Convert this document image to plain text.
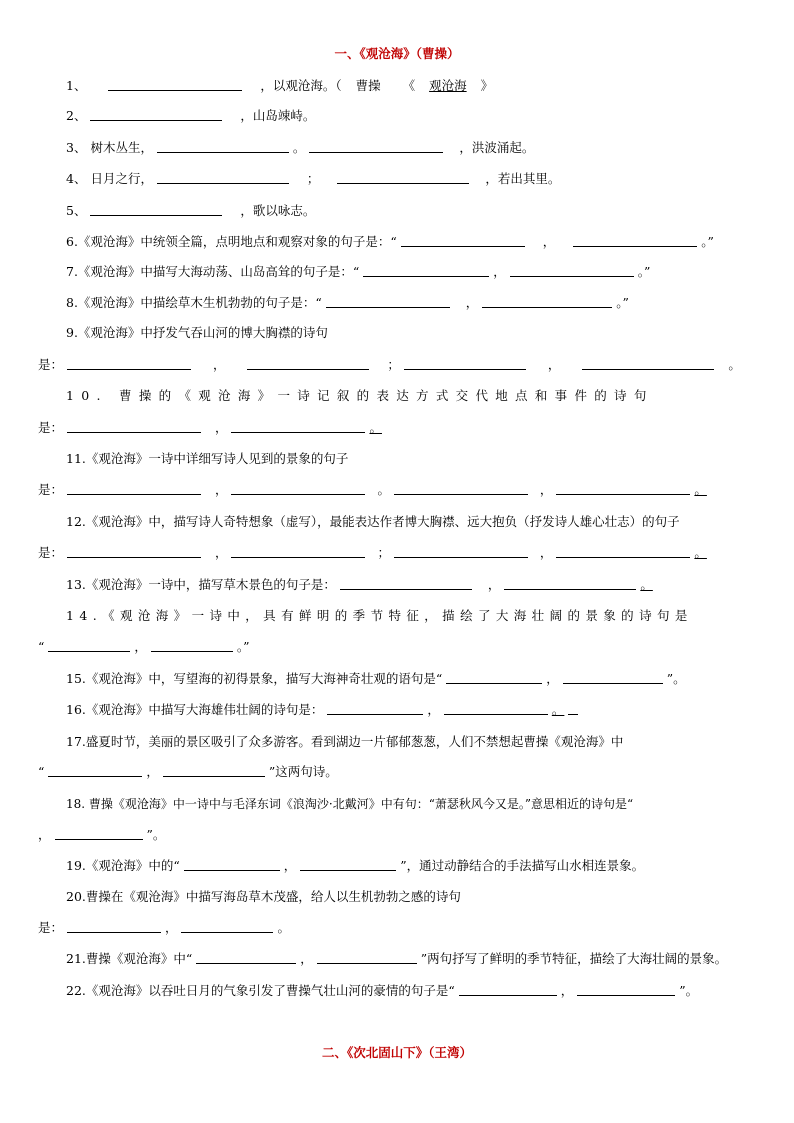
一、《观沧海》（曹操）
1、	，以观沧海。（ 曹操 《 观沧海 》
2、	，山岛竦峙。
3、 树木丛生，	。	，洪波涌起。
4、 日月之行，	；	，若出其里。
5、	，歌以咏志。
6.《观沧海》中统领全篇，点明地点和观察对象的句子是：“	，	。”
7.《观沧海》中描写大海动荡、山岛高耸的句子是：“	，	。”
8.《观沧海》中描绘草木生机勃勃的句子是：“	，	。”
9.《观沧海》中抒发气吞山河的博大胸襟的诗句
是：	，	；	，	。
10. 曹操的《观沧海》一诗记叙的表达方式交代地点和事件的诗句
是：	，	。
11.《观沧海》一诗中详细写诗人见到的景象的句子
是：	，	。	，	。
12.《观沧海》中，描写诗人奇特想象（虚写），最能表达作者博大胸襟、远大抱负（抒发诗人雄心壮志）的句子
是：	，	；	，	。
13.《观沧海》一诗中，描写草木景色的句子是：	，	。
14.《观沧海》一诗中，具有鲜明的季节特征，描绘了大海壮阔的景象的诗句是
“	，	。”
15.《观沧海》中，写望海的初得景象，描写大海神奇壮观的语句是“	，	”。
16.《观沧海》中描写大海雄伟壮阔的诗句是：	，	。
17.盛夏时节，美丽的景区吸引了众多游客。看到湖边一片郁郁葱葱，人们不禁想起曹操《观沧海》中
“	，	”这两句诗。
18. 曹操《观沧海》中一诗中与毛泽东词《浪淘沙·北戴河》中有句：“萧瑟秋风今又是。”意思相近的诗句是“
，	”。
19.《观沧海》中的“	，	”，通过动静结合的手法描写山水相连景象。
20.曹操在《观沧海》中描写海岛草木茂盛，给人以生机勃勃之感的诗句
是：	，	。
21.曹操《观沧海》中“	，	”两句抒写了鲜明的季节特征，描绘了大海壮阔的景象。
22.《观沧海》以吞吐日月的气象引发了曹操气壮山河的豪情的句子是“	，	”。
二、《次北固山下》（王湾）
